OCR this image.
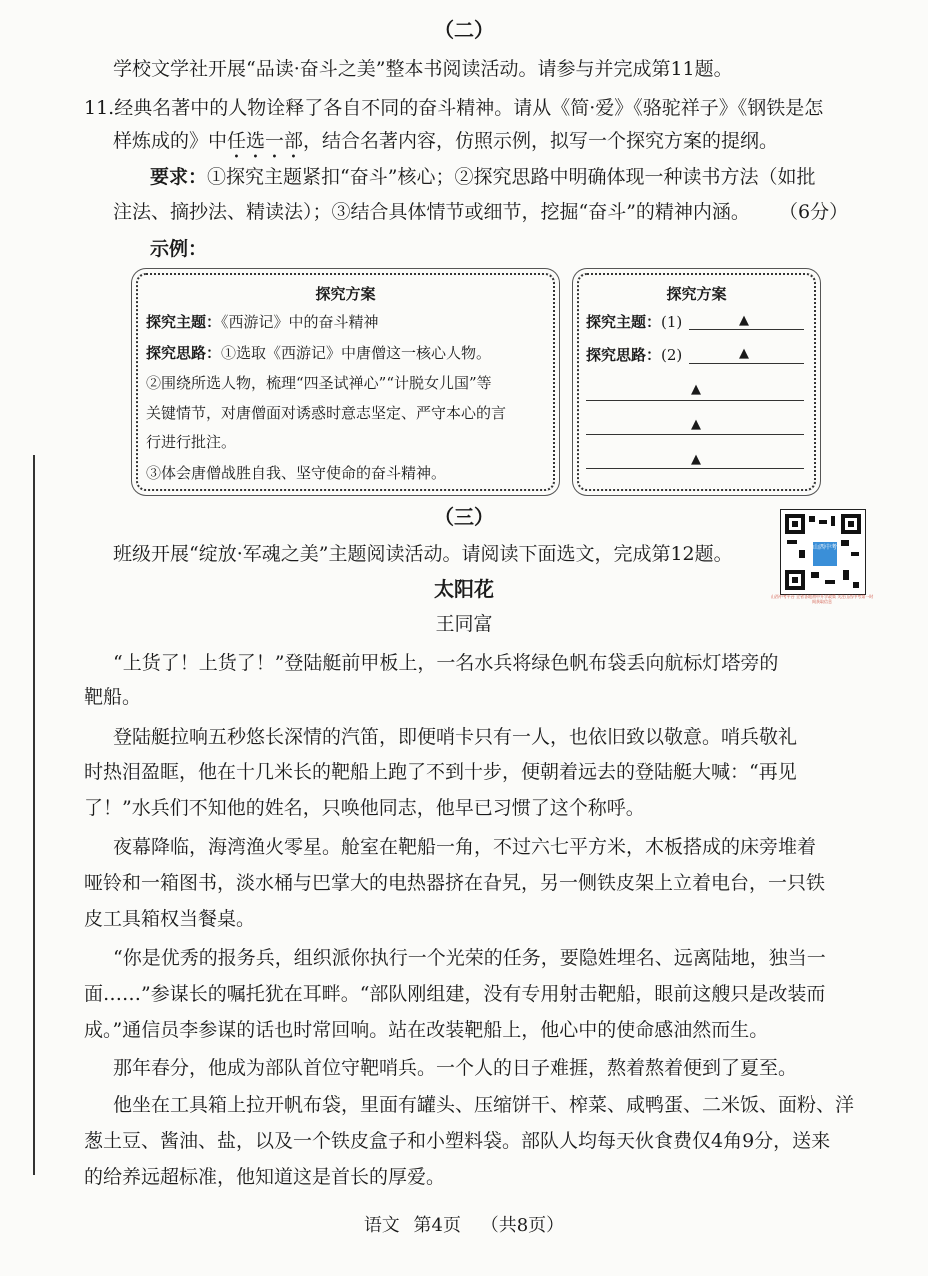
（二）
学校文学社开展“品读·奋斗之美”整本书阅读活动。请参与并完成第11题。
11.经典名著中的人物诠释了各自不同的奋斗精神。请从《简·爱》《骆驼祥子》《钢铁是怎
样炼成的》中任选一部，结合名著内容，仿照示例，拟写一个探究方案的提纲。
要求：①探究主题紧扣“奋斗”核心；②探究思路中明确体现一种读书方法（如批
注法、摘抄法、精读法）；③结合具体情节或细节，挖掘“奋斗”的精神内涵。 （6分）
示例：
探究方案
探究主题：《西游记》中的奋斗精神
探究思路：①选取《西游记》中唐僧这一核心人物。
②围绕所选人物，梳理“四圣试禅心”“计脱女儿国”等
关键情节，对唐僧面对诱惑时意志坚定、严守本心的言
行进行批注。
③体会唐僧战胜自我、坚守使命的奋斗精神。
探究方案
探究主题：(1)	▲
探究思路：(2)	▲
▲
▲
▲
（三）
班级开展“绽放·军魂之美”主题阅读活动。请阅读下面选文，完成第12题。	山西中考
山西中考平台 全省各地初中升学政策 关注山西中考第一时间获取信息
太阳花
王同富
“上货了！上货了！”登陆艇前甲板上，一名水兵将绿色帆布袋丢向航标灯塔旁的
靶船。
登陆艇拉响五秒悠长深情的汽笛，即便哨卡只有一人，也依旧致以敬意。哨兵敬礼
时热泪盈眶，他在十几米长的靶船上跑了不到十步，便朝着远去的登陆艇大喊：“再见
了！”水兵们不知他的姓名，只唤他同志，他早已习惯了这个称呼。
夜幕降临，海湾渔火零星。舱室在靶船一角，不过六七平方米，木板搭成的床旁堆着
哑铃和一箱图书，淡水桶与巴掌大的电热器挤在旮旯，另一侧铁皮架上立着电台，一只铁
皮工具箱权当餐桌。
“你是优秀的报务兵，组织派你执行一个光荣的任务，要隐姓埋名、远离陆地，独当一
面……”参谋长的嘱托犹在耳畔。“部队刚组建，没有专用射击靶船，眼前这艘只是改装而
成。”通信员李参谋的话也时常回响。站在改装靶船上，他心中的使命感油然而生。
那年春分，他成为部队首位守靶哨兵。一个人的日子难捱，熬着熬着便到了夏至。
他坐在工具箱上拉开帆布袋，里面有罐头、压缩饼干、榨菜、咸鸭蛋、二米饭、面粉、洋
葱土豆、酱油、盐，以及一个铁皮盒子和小塑料袋。部队人均每天伙食费仅4角9分，送来
的给养远超标准，他知道这是首长的厚爱。
语文 第4页 （共8页）
